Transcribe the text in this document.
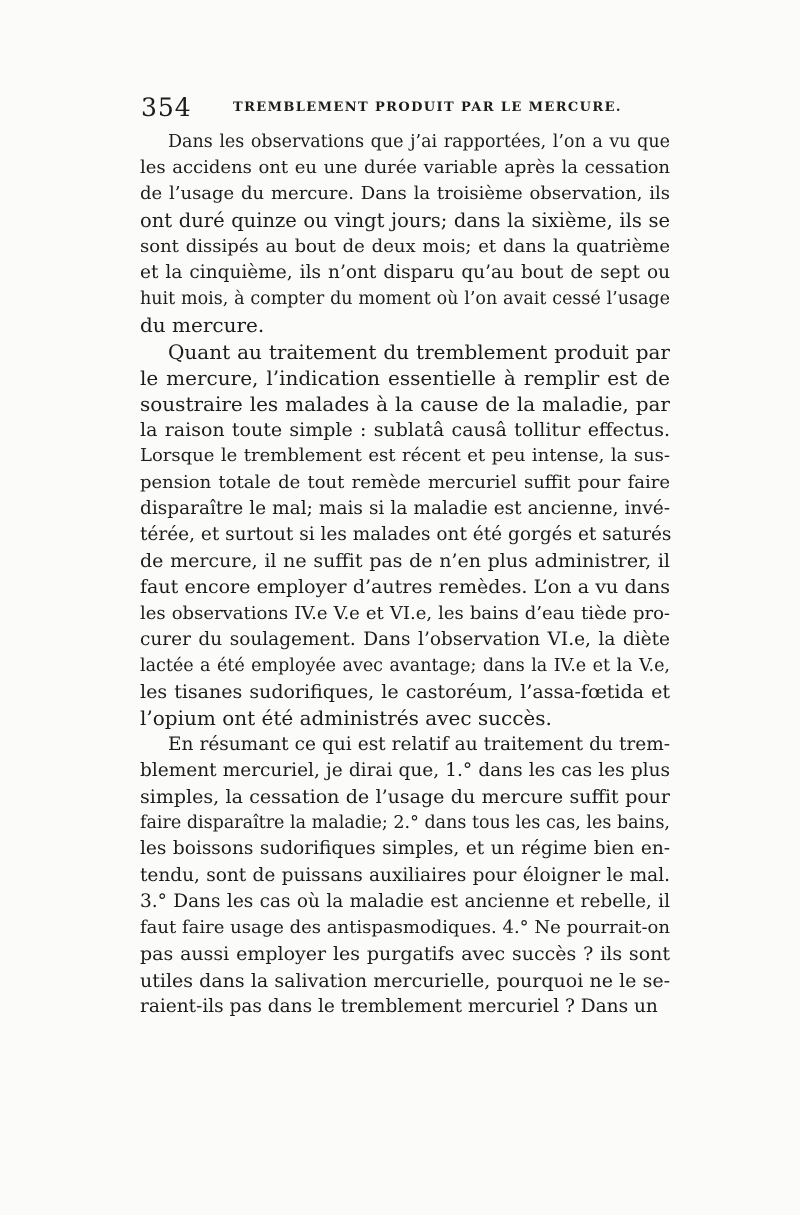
354	TREMBLEMENT PRODUIT PAR LE MERCURE.
Dans les observations que j’ai rapportées, l’on a vu que
les accidens ont eu une durée variable après la cessation
de l’usage du mercure. Dans la troisième observation, ils
ont duré quinze ou vingt jours; dans la sixième, ils se
sont dissipés au bout de deux mois; et dans la quatrième
et la cinquième, ils n’ont disparu qu’au bout de sept ou
huit mois, à compter du moment où l’on avait cessé l’usage
du mercure.
Quant au traitement du tremblement produit par
le mercure, l’indication essentielle à remplir est de
soustraire les malades à la cause de la maladie, par
la raison toute simple : sublatâ causâ tollitur effectus.
Lorsque le tremblement est récent et peu intense, la sus-
pension totale de tout remède mercuriel suffit pour faire
disparaître le mal; mais si la maladie est ancienne, invé-
térée, et surtout si les malades ont été gorgés et saturés
de mercure, il ne suffit pas de n’en plus administrer, il
faut encore employer d’autres remèdes. L’on a vu dans
les observations IV.e V.e et VI.e, les bains d’eau tiède pro-
curer du soulagement. Dans l’observation VI.e, la diète
lactée a été employée avec avantage; dans la IV.e et la V.e,
les tisanes sudorifiques, le castoréum, l’assa-fœtida et
l’opium ont été administrés avec succès.
En résumant ce qui est relatif au traitement du trem-
blement mercuriel, je dirai que, 1.° dans les cas les plus
simples, la cessation de l’usage du mercure suffit pour
faire disparaître la maladie; 2.° dans tous les cas, les bains,
les boissons sudorifiques simples, et un régime bien en-
tendu, sont de puissans auxiliaires pour éloigner le mal.
3.° Dans les cas où la maladie est ancienne et rebelle, il
faut faire usage des antispasmodiques. 4.° Ne pourrait-on
pas aussi employer les purgatifs avec succès ? ils sont
utiles dans la salivation mercurielle, pourquoi ne le se-
raient-ils pas dans le tremblement mercuriel ? Dans un
